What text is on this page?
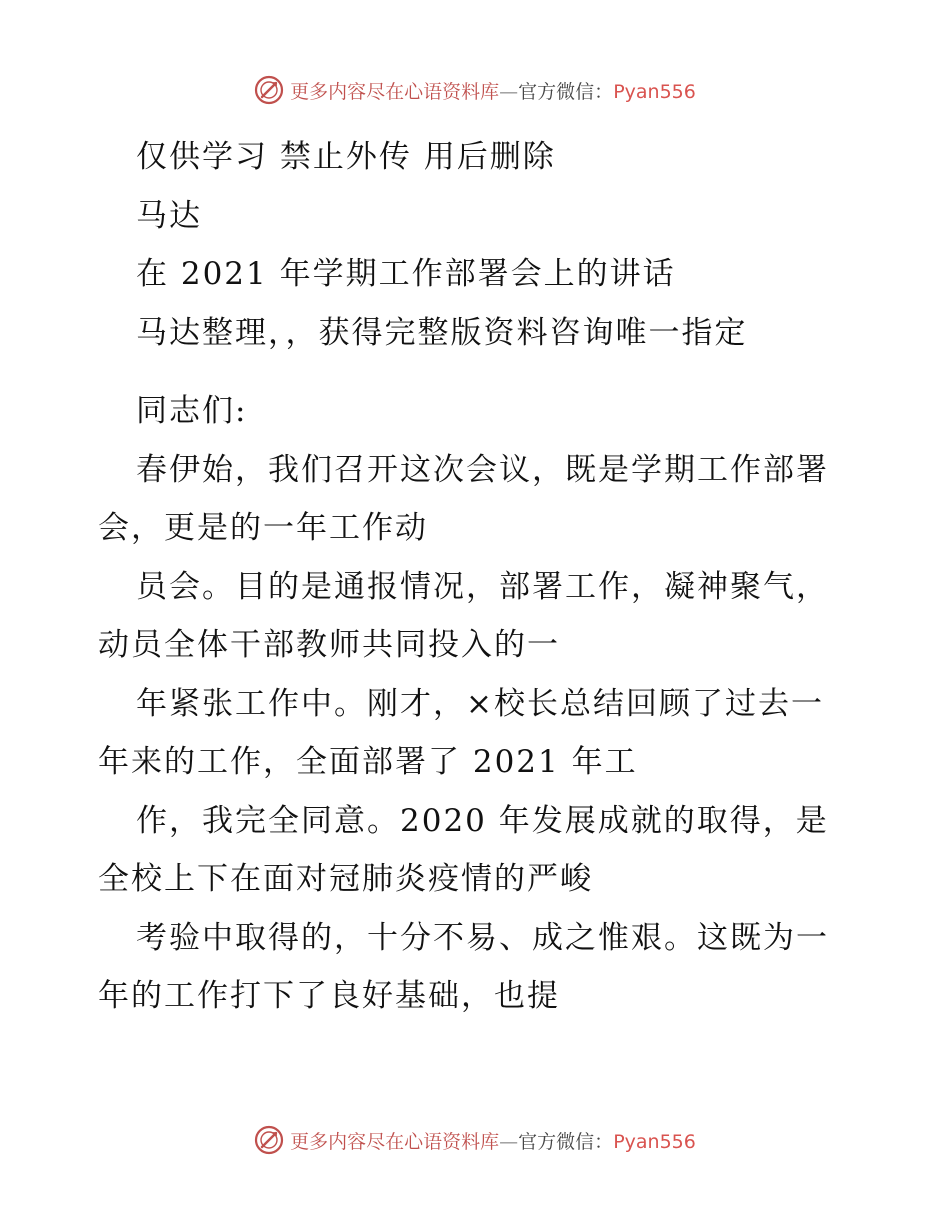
更多内容尽在心语资料库—官方微信：Pyan556

仅供学习 禁止外传 用后删除

马达

在 2021 年学期工作部署会上的讲话

马达整理，，获得完整版资料咨询唯一指定

同志们:

春伊始，我们召开这次会议，既是学期工作部署

会，更是的一年工作动

员会。目的是通报情况，部署工作，凝神聚气，

动员全体干部教师共同投入的一

年紧张工作中。刚才，×校长总结回顾了过去一

年来的工作，全面部署了 2021 年工

作，我完全同意。2020 年发展成就的取得，是

全校上下在面对冠肺炎疫情的严峻

考验中取得的，十分不易、成之惟艰。这既为一

年的工作打下了良好基础，也提

更多内容尽在心语资料库—官方微信：Pyan556
